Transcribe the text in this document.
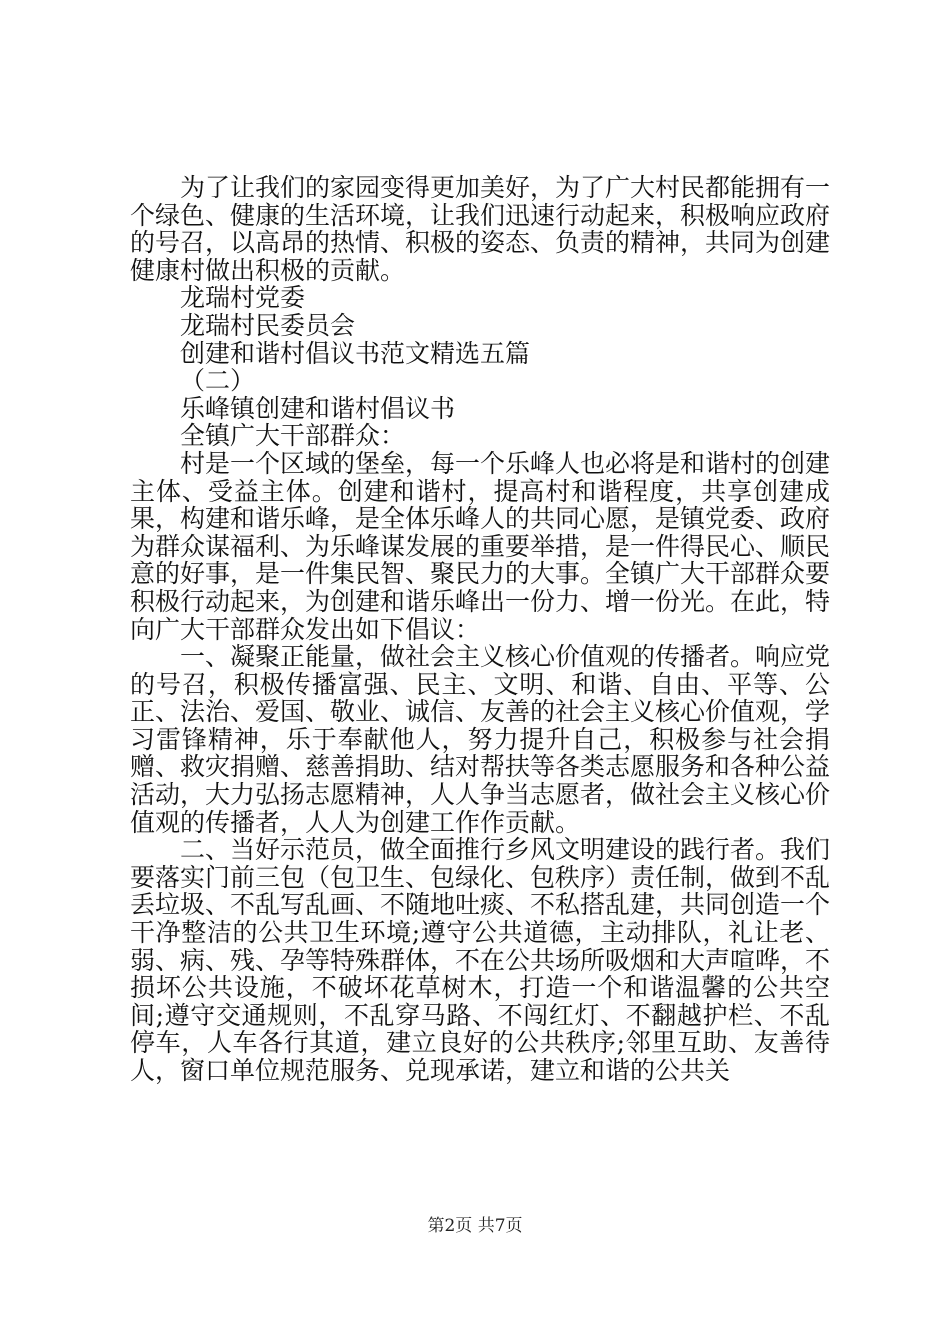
为了让我们的家园变得更加美好，为了广大村民都能拥有一个绿色、健康的生活环境，让我们迅速行动起来，积极响应政府的号召，以高昂的热情、积极的姿态、负责的精神，共同为创建健康村做出积极的贡献。

龙瑞村党委

龙瑞村民委员会

创建和谐村倡议书范文精选五篇

（二）

乐峰镇创建和谐村倡议书

全镇广大干部群众：

村是一个区域的堡垒，每一个乐峰人也必将是和谐村的创建主体、受益主体。创建和谐村，提高村和谐程度，共享创建成果，构建和谐乐峰，是全体乐峰人的共同心愿，是镇党委、政府为群众谋福利、为乐峰谋发展的重要举措，是一件得民心、顺民意的好事，是一件集民智、聚民力的大事。全镇广大干部群众要积极行动起来，为创建和谐乐峰出一份力、增一份光。在此，特向广大干部群众发出如下倡议：

一、凝聚正能量，做社会主义核心价值观的传播者。响应党的号召，积极传播富强、民主、文明、和谐、自由、平等、公正、法治、爱国、敬业、诚信、友善的社会主义核心价值观，学习雷锋精神，乐于奉献他人，努力提升自己，积极参与社会捐赠、救灾捐赠、慈善捐助、结对帮扶等各类志愿服务和各种公益活动，大力弘扬志愿精神，人人争当志愿者，做社会主义核心价值观的传播者，人人为创建工作作贡献。

二、当好示范员，做全面推行乡风文明建设的践行者。我们要落实门前三包（包卫生、包绿化、包秩序）责任制，做到不乱丢垃圾、不乱写乱画、不随地吐痰、不私搭乱建，共同创造一个干净整洁的公共卫生环境;遵守公共道德，主动排队，礼让老、弱、病、残、孕等特殊群体，不在公共场所吸烟和大声喧哗，不损坏公共设施，不破坏花草树木，打造一个和谐温馨的公共空间;遵守交通规则，不乱穿马路、不闯红灯、不翻越护栏、不乱停车，人车各行其道，建立良好的公共秩序;邻里互助、友善待人，窗口单位规范服务、兑现承诺，建立和谐的公共关

第2页 共7页
